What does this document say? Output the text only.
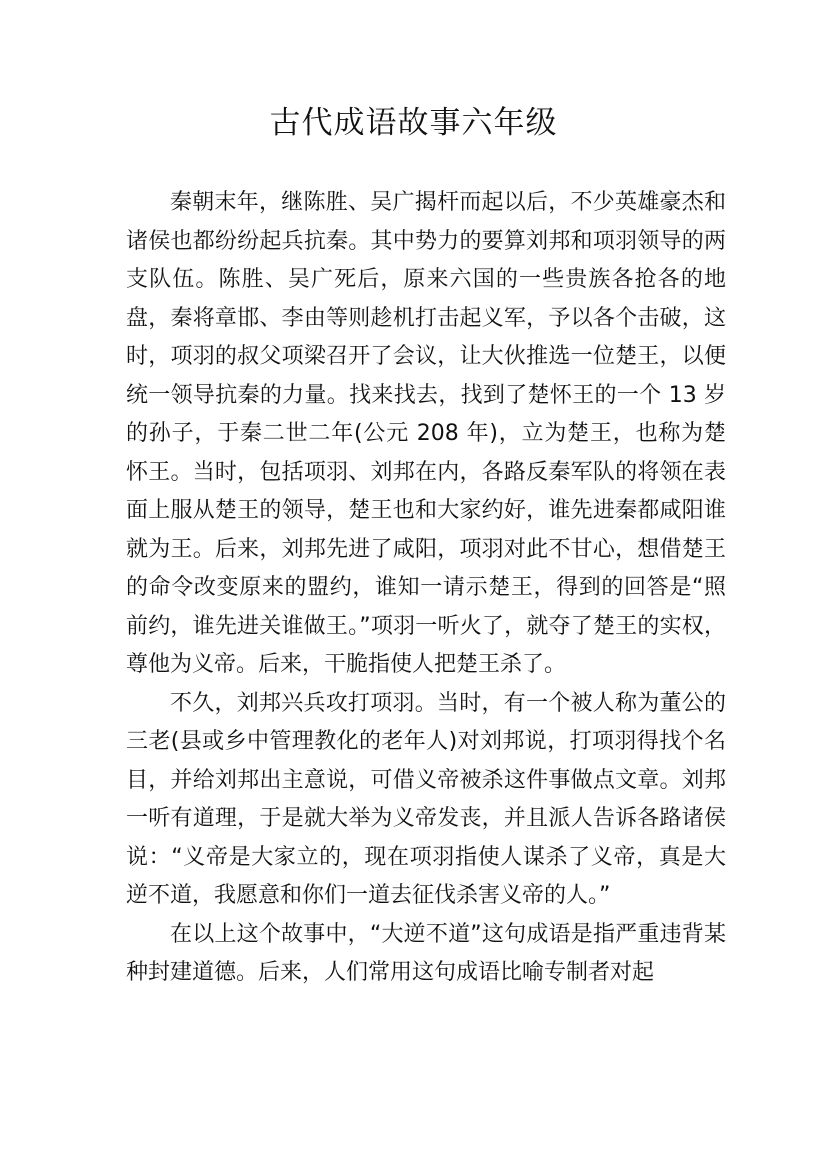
古代成语故事六年级

秦朝末年，继陈胜、吴广揭杆而起以后，不少英雄豪杰和诸侯也都纷纷起兵抗秦。其中势力的要算刘邦和项羽领导的两支队伍。陈胜、吴广死后，原来六国的一些贵族各抢各的地盘，秦将章邯、李由等则趁机打击起义军，予以各个击破，这时，项羽的叔父项梁召开了会议，让大伙推选一位楚王，以便统一领导抗秦的力量。找来找去，找到了楚怀王的一个 13 岁的孙子，于秦二世二年(公元 208 年)，立为楚王，也称为楚怀王。当时，包括项羽、刘邦在内，各路反秦军队的将领在表面上服从楚王的领导，楚王也和大家约好，谁先进秦都咸阳谁就为王。后来，刘邦先进了咸阳，项羽对此不甘心，想借楚王的命令改变原来的盟约，谁知一请示楚王，得到的回答是“照前约，谁先进关谁做王。”项羽一听火了，就夺了楚王的实权，尊他为义帝。后来，干脆指使人把楚王杀了。

不久，刘邦兴兵攻打项羽。当时，有一个被人称为董公的三老(县或乡中管理教化的老年人)对刘邦说，打项羽得找个名目，并给刘邦出主意说，可借义帝被杀这件事做点文章。刘邦一听有道理，于是就大举为义帝发丧，并且派人告诉各路诸侯说：“义帝是大家立的，现在项羽指使人谋杀了义帝，真是大逆不道，我愿意和你们一道去征伐杀害义帝的人。”

在以上这个故事中，“大逆不道”这句成语是指严重违背某种封建道德。后来，人们常用这句成语比喻专制者对起
